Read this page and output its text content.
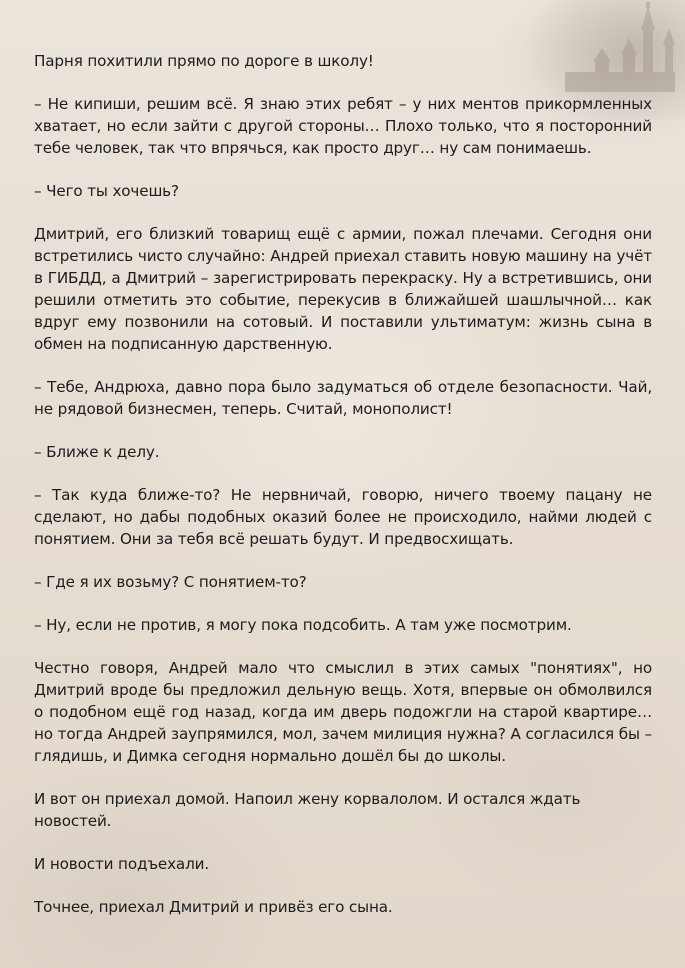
Парня похитили прямо по дороге в школу!

– Не кипиши, решим всё. Я знаю этих ребят – у них ментов прикормленных хватает, но если зайти с другой стороны… Плохо только, что я посторонний тебе человек, так что впрячься, как просто друг… ну сам понимаешь.

– Чего ты хочешь?

Дмитрий, его близкий товарищ ещё с армии, пожал плечами. Сегодня они встретились чисто случайно: Андрей приехал ставить новую машину на учёт в ГИБДД, а Дмитрий – зарегистрировать перекраску. Ну а встретившись, они решили отметить это событие, перекусив в ближайшей шашлычной… как вдруг ему позвонили на сотовый. И поставили ультиматум: жизнь сына в обмен на подписанную дарственную.

– Тебе, Андрюха, давно пора было задуматься об отделе безопасности. Чай, не рядовой бизнесмен, теперь. Считай, монополист!

– Ближе к делу.

– Так куда ближе-то? Не нервничай, говорю, ничего твоему пацану не сделают, но дабы подобных оказий более не происходило, найми людей с понятием. Они за тебя всё решать будут. И предвосхищать.

– Где я их возьму? С понятием-то?

– Ну, если не против, я могу пока подсобить. А там уже посмотрим.

Честно говоря, Андрей мало что смыслил в этих самых "понятиях", но Дмитрий вроде бы предложил дельную вещь. Хотя, впервые он обмолвился о подобном ещё год назад, когда им дверь подожгли на старой квартире… но тогда Андрей заупрямился, мол, зачем милиция нужна? А согласился бы – глядишь, и Димка сегодня нормально дошёл бы до школы.

И вот он приехал домой. Напоил жену корвалолом. И остался ждать новостей.

И новости подъехали.

Точнее, приехал Дмитрий и привёз его сына.
